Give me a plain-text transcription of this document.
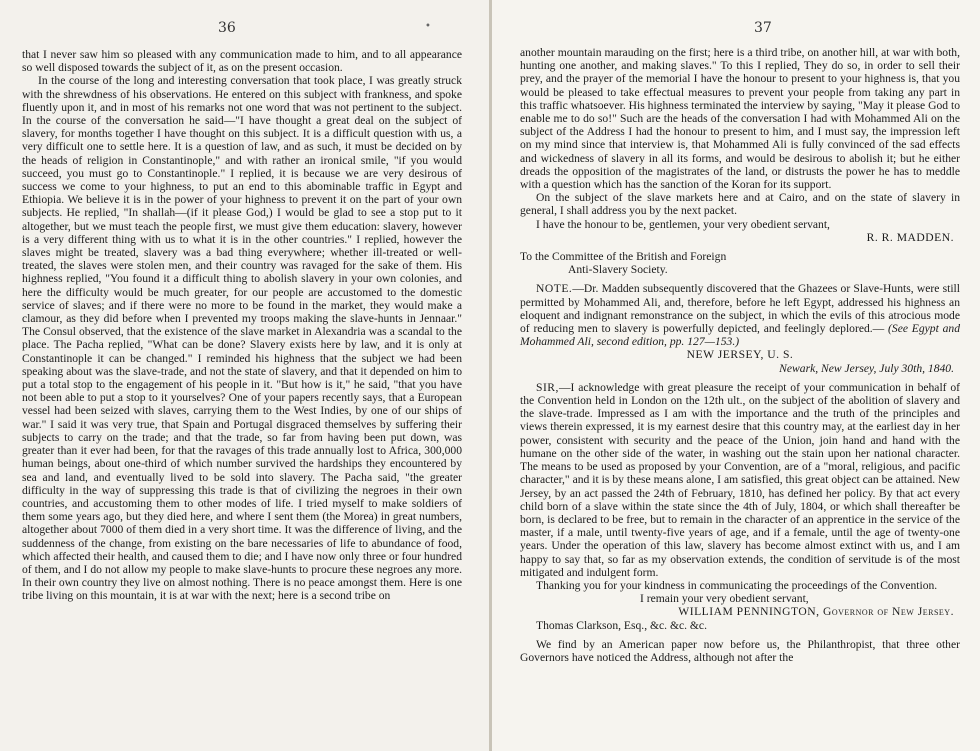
36	•

that I never saw him so pleased with any communication made to him, and to all appearance so well disposed towards the subject of it, as on the present occasion.

In the course of the long and interesting conversation that took place, I was greatly struck with the shrewdness of his observations. He entered on this subject with frankness, and spoke fluently upon it, and in most of his remarks not one word that was not pertinent to the subject. In the course of the conversation he said—"I have thought a great deal on the subject of slavery, for months together I have thought on this subject. It is a difficult question with us, a very difficult one to settle here. It is a question of law, and as such, it must be decided on by the heads of religion in Constantinople," and with rather an ironical smile, "if you would succeed, you must go to Constantinople." I replied, it is because we are very desirous of success we come to your highness, to put an end to this abominable traffic in Egypt and Ethiopia. We believe it is in the power of your highness to prevent it on the part of your own subjects. He replied, "In shallah—(if it please God,) I would be glad to see a stop put to it altogether, but we must teach the people first, we must give them education: slavery, however is a very different thing with us to what it is in the other countries." I replied, however the slaves might be treated, slavery was a bad thing everywhere; whether ill-treated or well-treated, the slaves were stolen men, and their country was ravaged for the sake of them. His highness replied, "You found it a difficult thing to abolish slavery in your own colonies, and here the difficulty would be much greater, for our people are accustomed to the domestic service of slaves; and if there were no more to be found in the market, they would make a clamour, as they did before when I prevented my troops making the slave-hunts in Jennaar." The Consul observed, that the existence of the slave market in Alexandria was a scandal to the place. The Pacha replied, "What can be done? Slavery exists here by law, and it is only at Constantinople it can be changed." I reminded his highness that the subject we had been speaking about was the slave-trade, and not the state of slavery, and that it depended on him to put a total stop to the engagement of his people in it. "But how is it," he said, "that you have not been able to put a stop to it yourselves? One of your papers recently says, that a European vessel had been seized with slaves, carrying them to the West Indies, by one of our ships of war." I said it was very true, that Spain and Portugal disgraced themselves by suffering their subjects to carry on the trade; and that the trade, so far from having been put down, was greater than it ever had been, for that the ravages of this trade annually lost to Africa, 300,000 human beings, about one-third of which number survived the hardships they encountered by sea and land, and eventually lived to be sold into slavery. The Pacha said, "the greater difficulty in the way of suppressing this trade is that of civilizing the negroes in their own countries, and accustoming them to other modes of life. I tried myself to make soldiers of them some years ago, but they died here, and where I sent them (the Morea) in great numbers, altogether about 7000 of them died in a very short time. It was the difference of living, and the suddenness of the change, from existing on the bare necessaries of life to abundance of food, which affected their health, and caused them to die; and I have now only three or four hundred of them, and I do not allow my people to make slave-hunts to procure these negroes any more. In their own country they live on almost nothing. There is no peace amongst them. Here is one tribe living on this mountain, it is at war with the next; here is a second tribe on

37

another mountain marauding on the first; here is a third tribe, on another hill, at war with both, hunting one another, and making slaves." To this I replied, They do so, in order to sell their prey, and the prayer of the memorial I have the honour to present to your highness is, that you would be pleased to take effectual measures to prevent your people from taking any part in this traffic whatsoever. His highness terminated the interview by saying, "May it please God to enable me to do so!" Such are the heads of the conversation I had with Mohammed Ali on the subject of the Address I had the honour to present to him, and I must say, the impression left on my mind since that interview is, that Mohammed Ali is fully convinced of the sad effects and wickedness of slavery in all its forms, and would be desirous to abolish it; but he either dreads the opposition of the magistrates of the land, or distrusts the power he has to meddle with a question which has the sanction of the Koran for its support.

On the subject of the slave markets here and at Cairo, and on the state of slavery in general, I shall address you by the next packet.

I have the honour to be, gentlemen, your very obedient servant,

R. R. MADDEN.

To the Committee of the British and Foreign

Anti-Slavery Society.

NOTE.—Dr. Madden subsequently discovered that the Ghazees or Slave-Hunts, were still permitted by Mohammed Ali, and, therefore, before he left Egypt, addressed his highness an eloquent and indignant remonstrance on the subject, in which the evils of this atrocious mode of reducing men to slavery is powerfully depicted, and feelingly deplored.— (See Egypt and Mohammed Ali, second edition, pp. 127—153.)

NEW JERSEY, U. S.

Newark, New Jersey, July 30th, 1840.

SIR,—I acknowledge with great pleasure the receipt of your communication in behalf of the Convention held in London on the 12th ult., on the subject of the abolition of slavery and the slave-trade. Impressed as I am with the importance and the truth of the principles and views therein expressed, it is my earnest desire that this country may, at the earliest day in her power, consistent with security and the peace of the Union, join hand and hand with the humane on the other side of the water, in washing out the stain upon her national character. The means to be used as proposed by your Convention, are of a "moral, religious, and pacific character," and it is by these means alone, I am satisfied, this great object can be attained. New Jersey, by an act passed the 24th of February, 1810, has defined her policy. By that act every child born of a slave within the state since the 4th of July, 1804, or which shall thereafter be born, is declared to be free, but to remain in the character of an apprentice in the service of the master, if a male, until twenty-five years of age, and if a female, until the age of twenty-one years. Under the operation of this law, slavery has become almost extinct with us, and I am happy to say that, so far as my observation extends, the condition of servitude is of the most mitigated and indulgent form.

Thanking you for your kindness in communicating the proceedings of the Convention.

I remain your very obedient servant,

WILLIAM PENNINGTON, Governor of New Jersey.

Thomas Clarkson, Esq., &c. &c. &c.

We find by an American paper now before us, the Philanthropist, that three other Governors have noticed the Address, although not after the
